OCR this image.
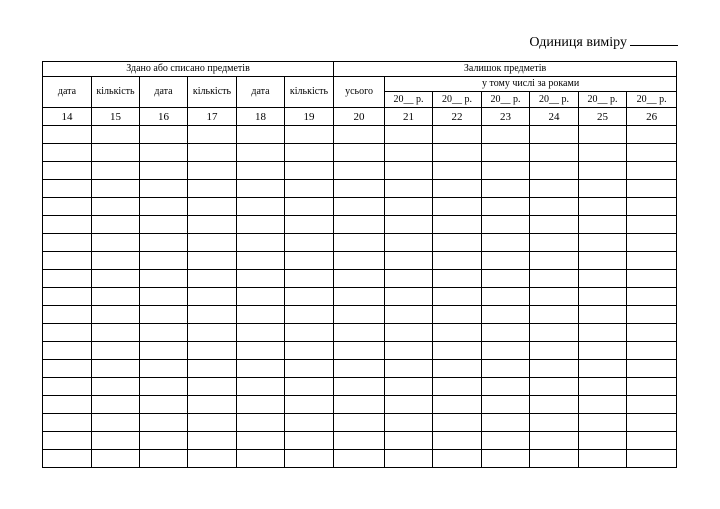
Одиниця виміру
Здано або списано предметів						Залишок предметів						
дата	кількість	дата	кількість	дата	кількість	усього	у тому числі за роками					
							20__ р.	20__ р.	20__ р.	20__ р.	20__ р.	20__ р.
14	15	16	17	18	19	20	21	22	23	24	25	26
